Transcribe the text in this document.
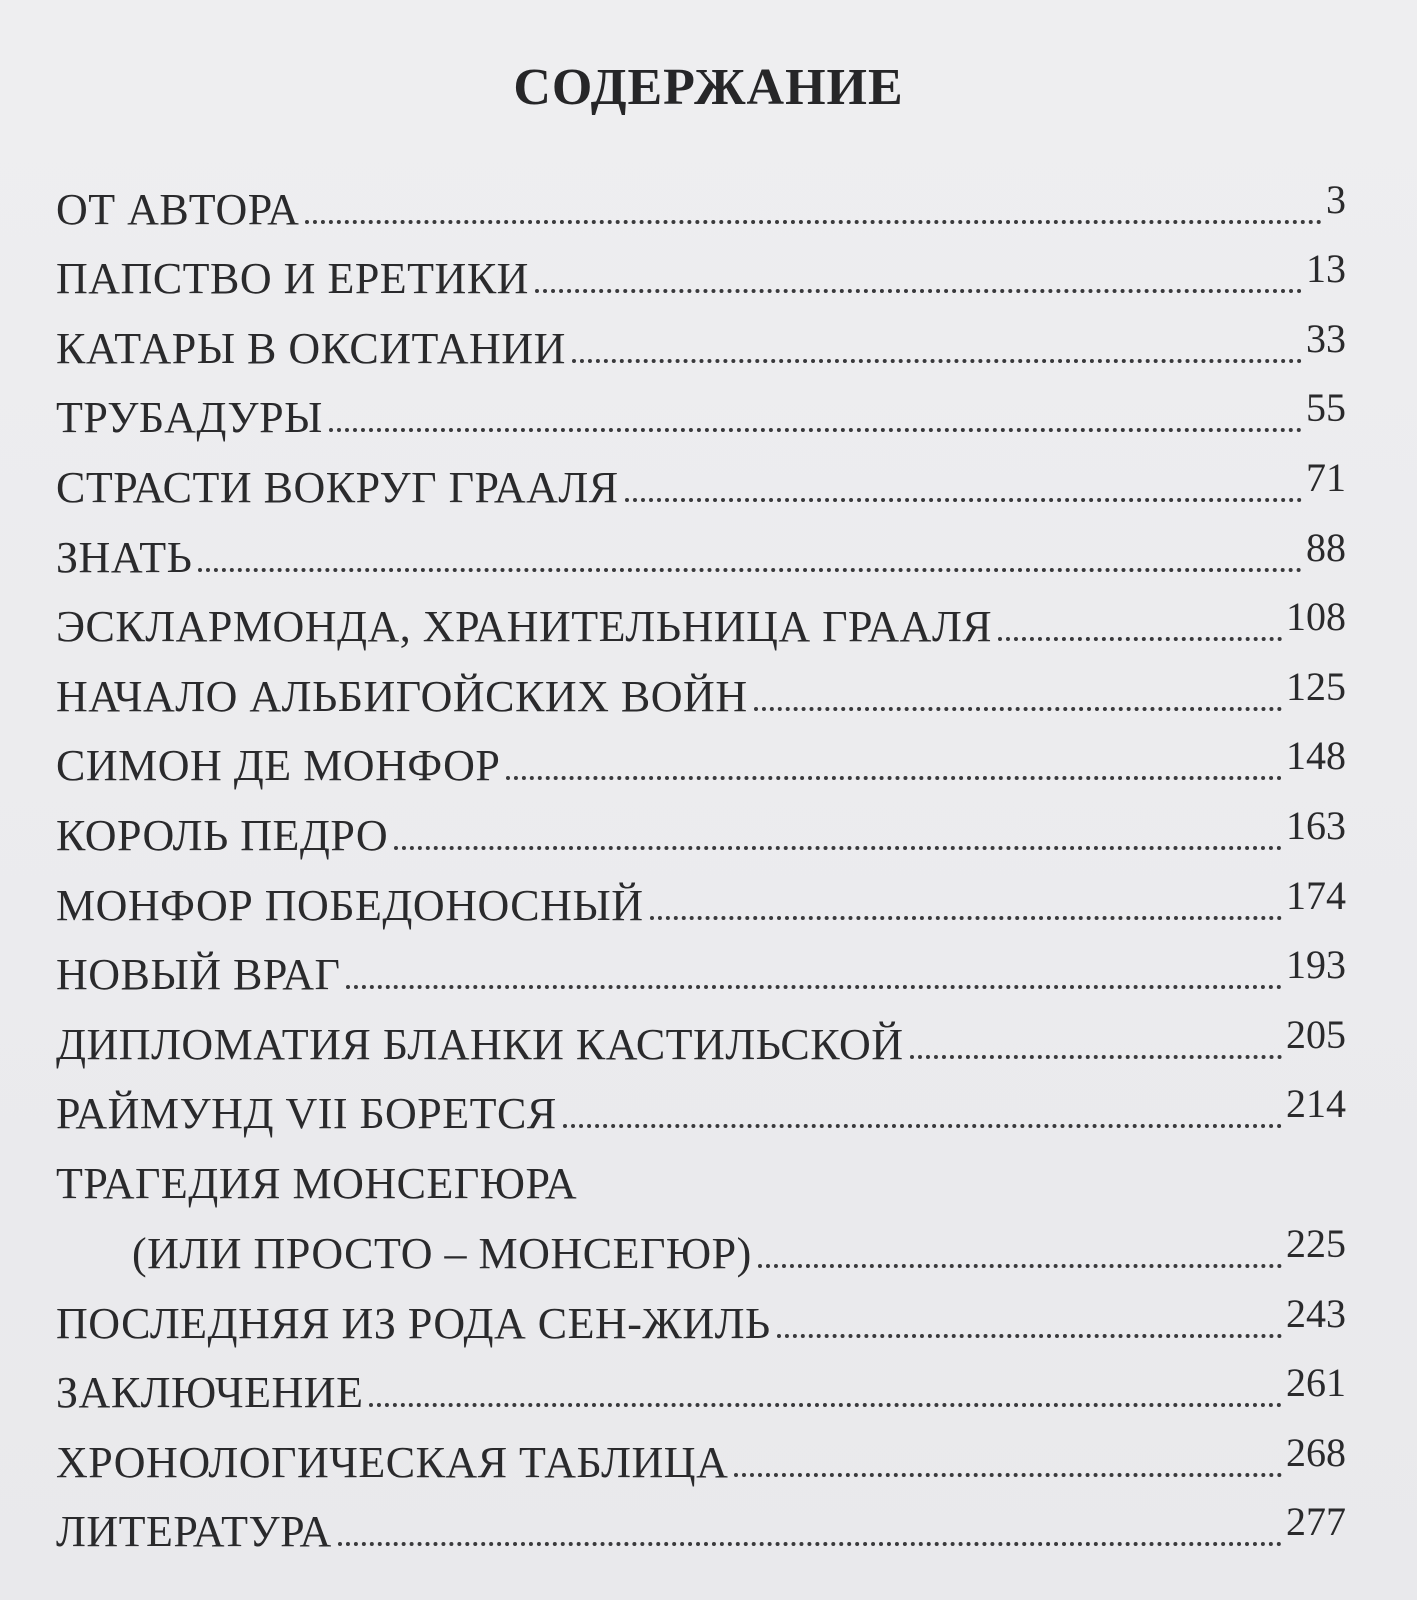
СОДЕРЖАНИЕ
ОТ АВТОРА	3
ПАПСТВО И ЕРЕТИКИ	13
КАТАРЫ В ОКСИТАНИИ	33
ТРУБАДУРЫ	55
СТРАСТИ ВОКРУГ ГРААЛЯ	71
ЗНАТЬ	88
ЭСКЛАРМОНДА, ХРАНИТЕЛЬНИЦА ГРААЛЯ	108
НАЧАЛО АЛЬБИГОЙСКИХ ВОЙН	125
СИМОН ДЕ МОНФОР	148
КОРОЛЬ ПЕДРО	163
МОНФОР ПОБЕДОНОСНЫЙ	174
НОВЫЙ ВРАГ	193
ДИПЛОМАТИЯ БЛАНКИ КАСТИЛЬСКОЙ	205
РАЙМУНД VII БОРЕТСЯ	214
ТРАГЕДИЯ МОНСЕГЮРА
(ИЛИ ПРОСТО – МОНСЕГЮР)	225
ПОСЛЕДНЯЯ ИЗ РОДА СЕН-ЖИЛЬ	243
ЗАКЛЮЧЕНИЕ	261
ХРОНОЛОГИЧЕСКАЯ ТАБЛИЦА	268
ЛИТЕРАТУРА	277
